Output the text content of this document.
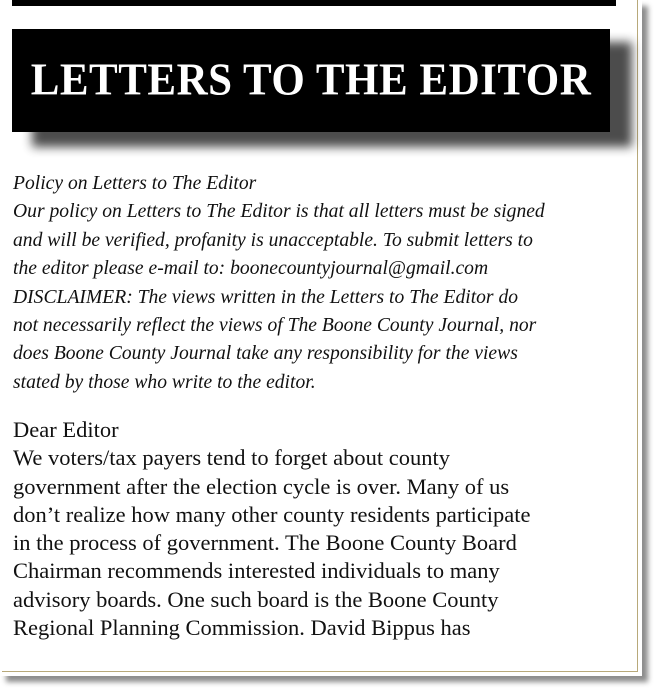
LETTERS TO THE EDITOR
Policy on Letters to The Editor
Our policy on Letters to The Editor is that all letters must be signed
and will be verified, profanity is unacceptable. To submit letters to
the editor please e-mail to: boonecountyjournal@gmail.com
DISCLAIMER: The views written in the Letters to The Editor do
not necessarily reflect the views of The Boone County Journal, nor
does Boone County Journal take any responsibility for the views
stated by those who write to the editor.
Dear Editor
We voters/tax payers tend to forget about county
government after the election cycle is over. Many of us
don’t realize how many other county residents participate
in the process of government. The Boone County Board
Chairman recommends interested individuals to many
advisory boards. One such board is the Boone County
Regional Planning Commission. David Bippus has
